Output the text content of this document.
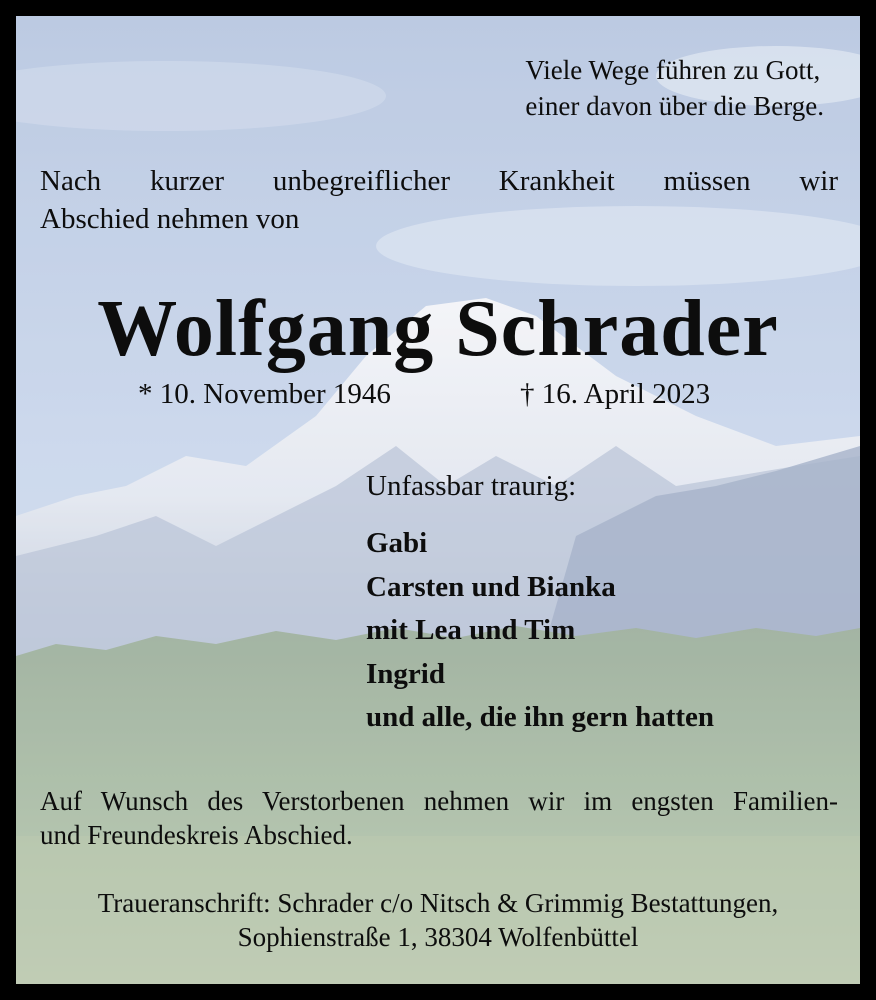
Viele Wege führen zu Gott,
einer davon über die Berge.
Nach kurzer unbegreiflicher Krankheit müssen wir
Abschied nehmen von
Wolfgang Schrader
* 10. November 1946	† 16. April 2023
Unfassbar traurig:
Gabi
Carsten und Bianka
mit Lea und Tim
Ingrid
und alle, die ihn gern hatten
Auf Wunsch des Verstorbenen nehmen wir im engsten Familien-
und Freundeskreis Abschied.
Traueranschrift: Schrader c/o Nitsch & Grimmig Bestattungen,
Sophienstraße 1, 38304 Wolfenbüttel
